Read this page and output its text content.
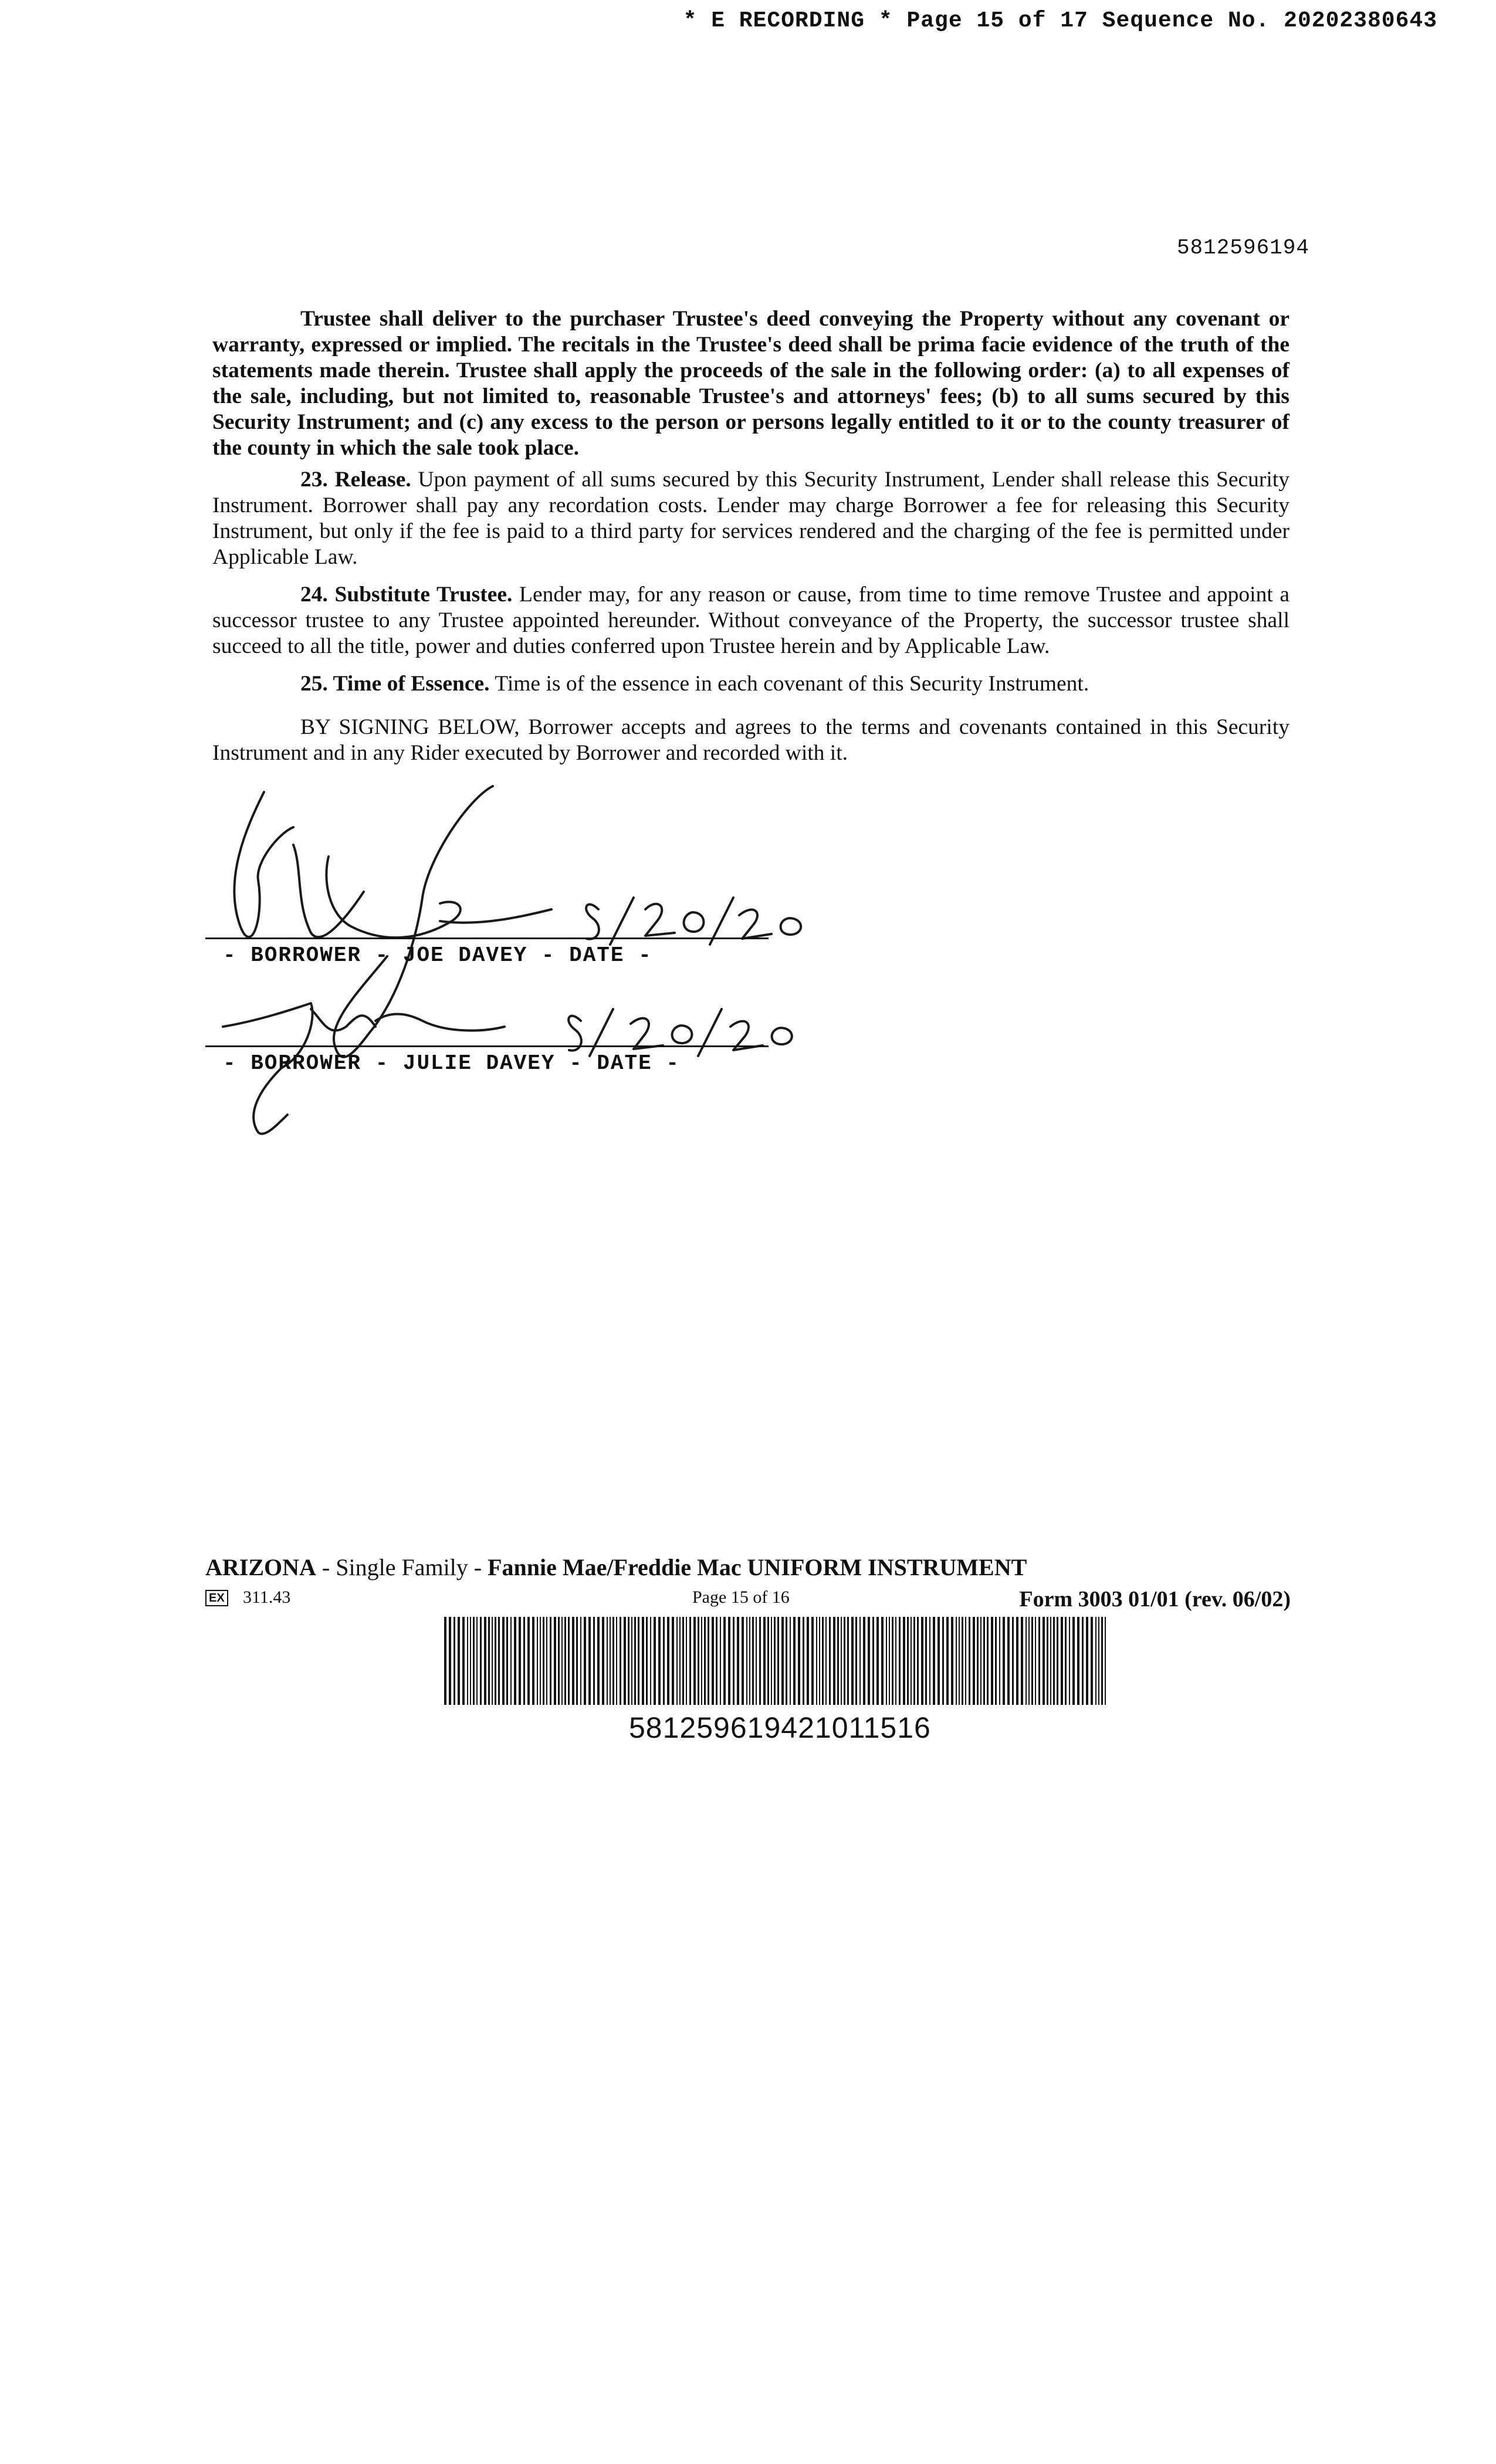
* E RECORDING * Page 15 of 17 Sequence No. 20202380643
5812596194

Trustee shall deliver to the purchaser Trustee's deed conveying the Property without any covenant or warranty, expressed or implied. The recitals in the Trustee's deed shall be prima facie evidence of the truth of the statements made therein. Trustee shall apply the proceeds of the sale in the following order: (a) to all expenses of the sale, including, but not limited to, reasonable Trustee's and attorneys' fees; (b) to all sums secured by this Security Instrument; and (c) any excess to the person or persons legally entitled to it or to the county treasurer of the county in which the sale took place.

23. Release. Upon payment of all sums secured by this Security Instrument, Lender shall release this Security Instrument. Borrower shall pay any recordation costs. Lender may charge Borrower a fee for releasing this Security Instrument, but only if the fee is paid to a third party for services rendered and the charging of the fee is permitted under Applicable Law.

24. Substitute Trustee. Lender may, for any reason or cause, from time to time remove Trustee and appoint a successor trustee to any Trustee appointed hereunder. Without conveyance of the Property, the successor trustee shall succeed to all the title, power and duties conferred upon Trustee herein and by Applicable Law.

25. Time of Essence. Time is of the essence in each covenant of this Security Instrument.

BY SIGNING BELOW, Borrower accepts and agrees to the terms and covenants contained in this Security Instrument and in any Rider executed by Borrower and recorded with it.

- BORROWER - JOE DAVEY - DATE -
- BORROWER - JULIE DAVEY - DATE -
ARIZONA - Single Family - Fannie Mae/Freddie Mac UNIFORM INSTRUMENT
EX 311.43	Page 15 of 16	Form 3003 01/01 (rev. 06/02)
581259619421011516
